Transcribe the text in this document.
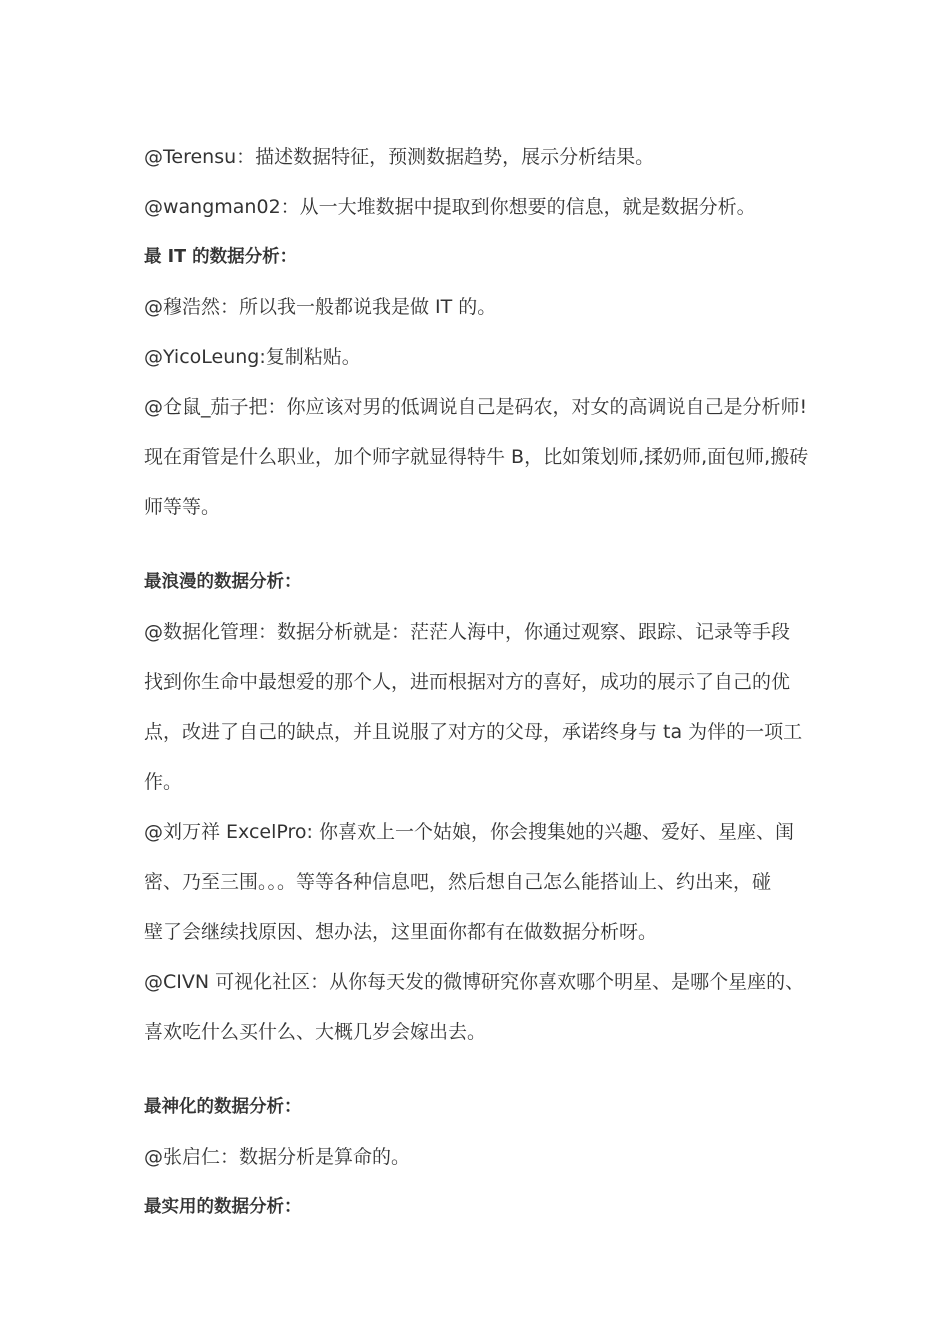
@Terensu：描述数据特征，预测数据趋势，展示分析结果。
@wangman02：从一大堆数据中提取到你想要的信息，就是数据分析。
最 IT 的数据分析：
@穆浩然：所以我一般都说我是做 IT 的。
@YicoLeung:复制粘贴。
@仓鼠_茄子把：你应该对男的低调说自己是码农，对女的高调说自己是分析师!
现在甭管是什么职业，加个师字就显得特牛 B，比如策划师,揉奶师,面包师,搬砖
师等等。
最浪漫的数据分析：
@数据化管理：数据分析就是：茫茫人海中，你通过观察、跟踪、记录等手段
找到你生命中最想爱的那个人，进而根据对方的喜好，成功的展示了自己的优
点，改进了自己的缺点，并且说服了对方的父母，承诺终身与 ta 为伴的一项工
作。
@刘万祥 ExcelPro: 你喜欢上一个姑娘，你会搜集她的兴趣、爱好、星座、闺
密、乃至三围。。。等等各种信息吧，然后想自己怎么能搭讪上、约出来，碰
壁了会继续找原因、想办法，这里面你都有在做数据分析呀。
@CIVN 可视化社区：从你每天发的微博研究你喜欢哪个明星、是哪个星座的、
喜欢吃什么买什么、大概几岁会嫁出去。
最神化的数据分析：
@张启仁：数据分析是算命的。
最实用的数据分析：
